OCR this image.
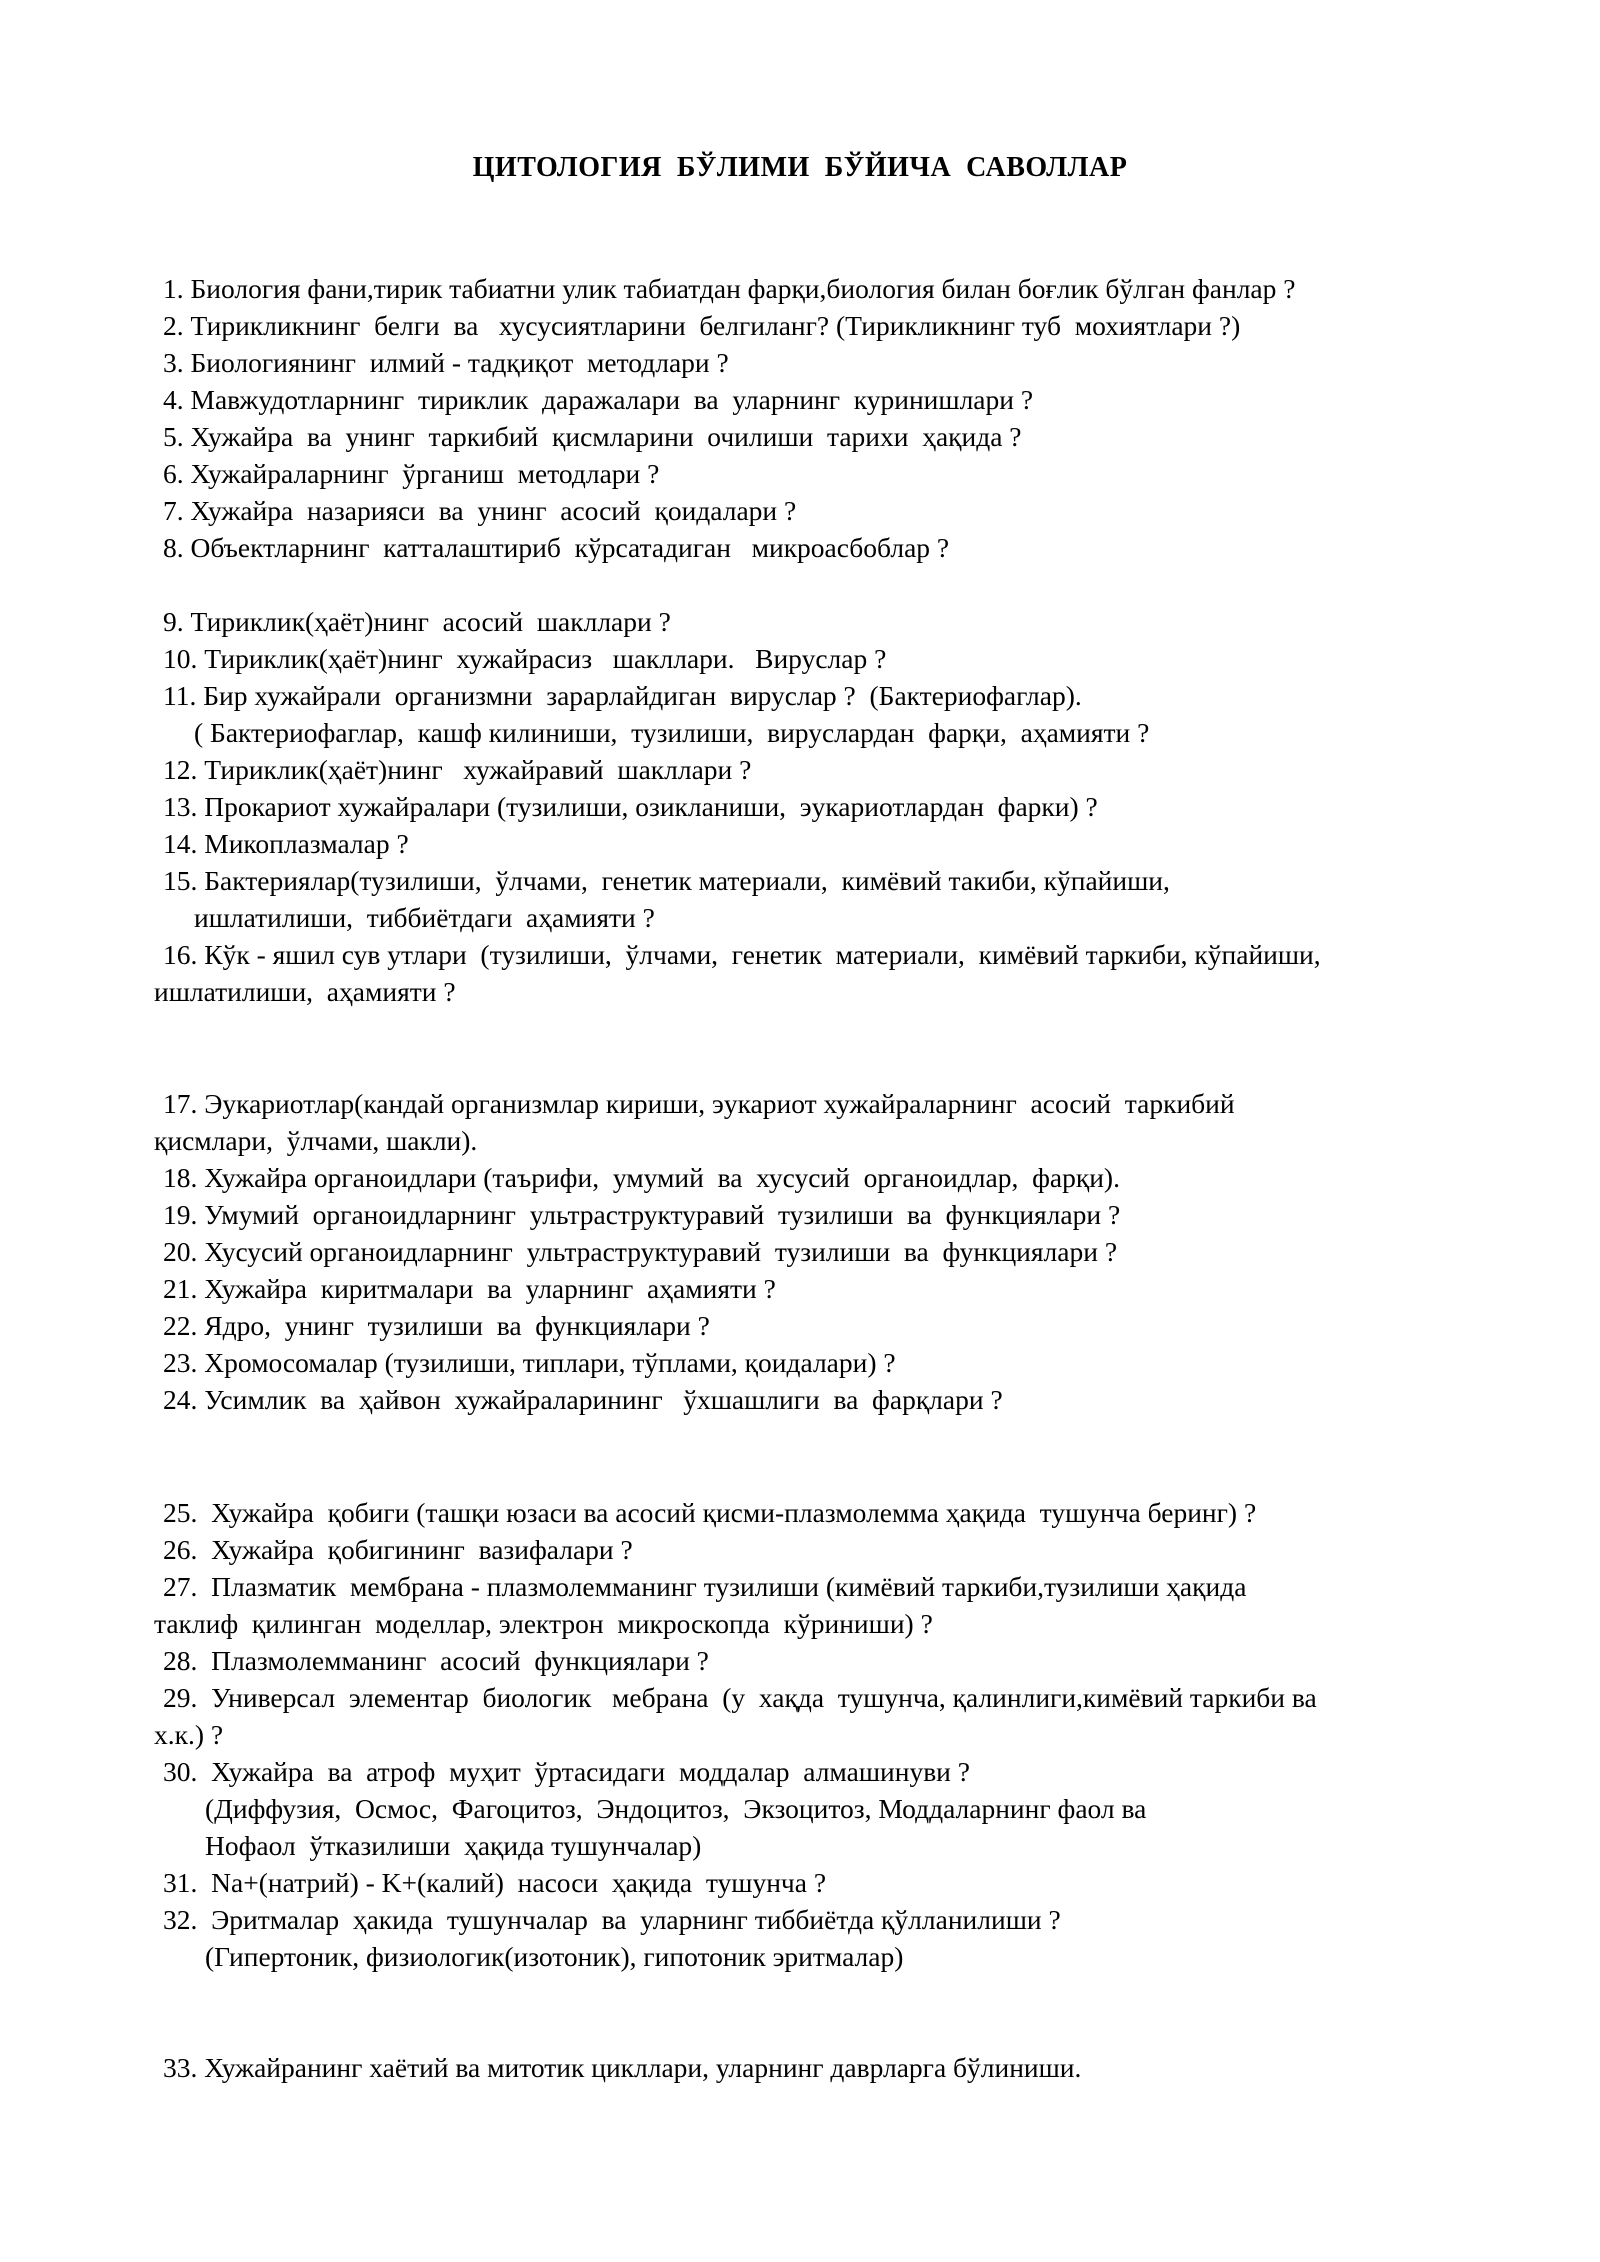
ЦИТОЛОГИЯ  БЎЛИМИ  БЎЙИЧА  САВОЛЛАР
1. Биология фани,тирик табиатни улик табиатдан фарқи,биология билан боғлик бўлган фанлар ?
2. Тирикликнинг  белги  ва   хусусиятларини  белгиланг? (Тирикликнинг туб  мохиятлари ?)
3. Биологиянинг  илмий - тадқиқот  методлари ?
4. Мавжудотларнинг  тириклик  даражалари  ва  уларнинг  куринишлари ?
5. Хужайра  ва  унинг  таркибий  қисмларини  очилиши  тарихи  ҳақида ?
6. Хужайраларнинг  ўрганиш  методлари ?
7. Хужайра  назарияси  ва  унинг  асосий  қоидалари ?
8. Объектларнинг  катталаштириб  кўрсатадиган   микроасбоблар ?
9. Тириклик(ҳаёт)нинг  асосий  шакллари ?
10. Тириклик(ҳаёт)нинг  хужайрасиз   шакллари.   Вируслар ?
11. Бир хужайрали  организмни  зарарлайдиган  вируслар ?  (Бактериофаглар).
( Бактериофаглар,  кашф килиниши,  тузилиши,  вируслардан  фарқи,  аҳамияти ?
12. Тириклик(ҳаёт)нинг   хужайравий  шакллари ?
13. Прокариот хужайралари (тузилиши, озикланиши,  эукариотлардан  фарки) ?
14. Микоплазмалар ?
15. Бактериялар(тузилиши,  ўлчами,  генетик материали,  кимёвий такиби, кўпайиши,
ишлатилиши,  тиббиётдаги  аҳамияти ?
16. Кўк - яшил сув утлари  (тузилиши,  ўлчами,  генетик  материали,  кимёвий таркиби, кўпайиши,
ишлатилиши,  аҳамияти ?
17. Эукариотлар(кандай организмлар кириши, эукариот хужайраларнинг  асосий  таркибий
қисмлари,  ўлчами, шакли).
18. Хужайра органоидлари (таърифи,  умумий  ва  хусусий  органоидлар,  фарқи).
19. Умумий  органоидларнинг  ультраструктуравий  тузилиши  ва  функциялари ?
20. Хусусий органоидларнинг  ультраструктуравий  тузилиши  ва  функциялари ?
21. Хужайра  киритмалари  ва  уларнинг  аҳамияти ?
22. Ядро,  унинг  тузилиши  ва  функциялари ?
23. Хромосомалар (тузилиши, типлари, тўплами, қоидалари) ?
24. Усимлик  ва  ҳайвон  хужайраларининг   ўхшашлиги  ва  фарқлари ?
25.  Хужайра  қобиги (ташқи юзаси ва асосий қисми-плазмолемма ҳақида  тушунча беринг) ?
26.  Хужайра  қобигининг  вазифалари ?
27.  Плазматик  мембрана - плазмолемманинг тузилиши (кимёвий таркиби,тузилиши ҳақида
таклиф  қилинган  моделлар, электрон  микроскопда  кўриниши) ?
28.  Плазмолемманинг  асосий  функциялари ?
29.  Универсал  элементар  биологик   мебрана  (у  хақда  тушунча, қалинлиги,кимёвий таркиби ва
х.к.) ?
30.  Хужайра  ва  атроф  муҳит  ўртасидаги  моддалар  алмашинуви ?
(Диффузия,  Осмос,  Фагоцитоз,  Эндоцитоз,  Экзоцитоз, Моддаларнинг фаол ва
Нофаол  ўтказилиши  ҳақида тушунчалар)
31.  Na+(натрий) - K+(калий)  насоси  ҳақида  тушунча ?
32.  Эритмалар  ҳакида  тушунчалар  ва  уларнинг тиббиётда қўлланилиши ?
(Гипертоник, физиологик(изотоник), гипотоник эритмалар)
33. Хужайранинг хаётий ва митотик цикллари, уларнинг даврларга бўлиниши.
